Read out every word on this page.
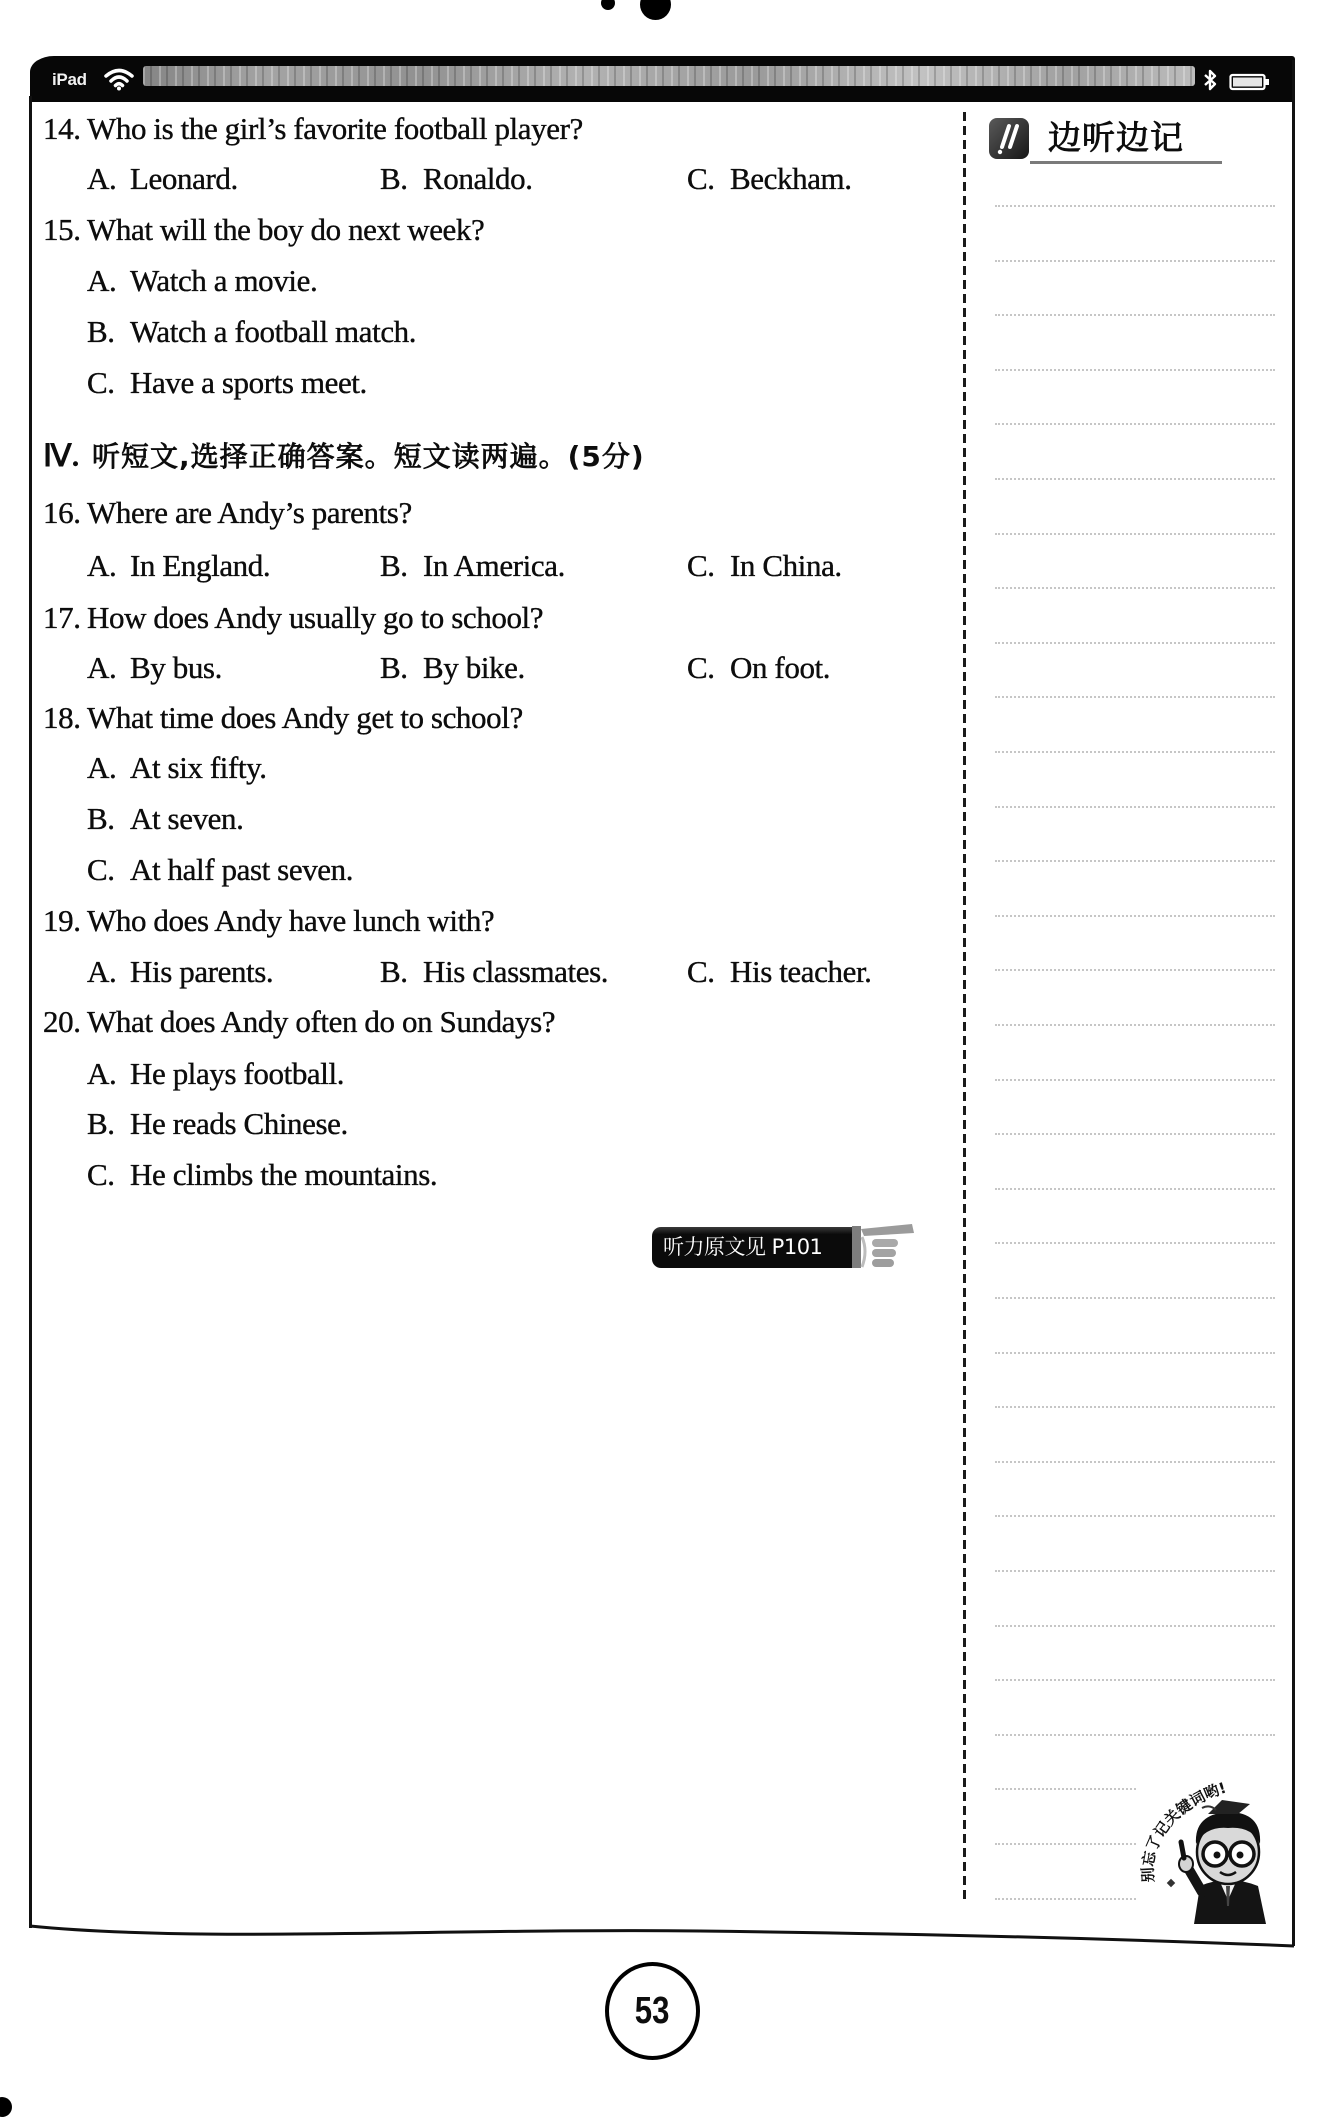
iPad
14. Who is the girl’s favorite football player?
A. Leonard.	B. Ronaldo.	C. Beckham.
15. What will the boy do next week?
A. Watch a movie.
B. Watch a football match.
C. Have a sports meet.
Ⅳ. 听短文,选择正确答案。短文读两遍。(5分)
16. Where are Andy’s parents?
A. In England.	B. In America.	C. In China.
17. How does Andy usually go to school?
A. By bus.	B. By bike.	C. On foot.
18. What time does Andy get to school?
A. At six fifty.
B. At seven.
C. At half past seven.
19. Who does Andy have lunch with?
A. His parents.	B. His classmates.	C. His teacher.
20. What does Andy often do on Sundays?
A. He plays football.
B. He reads Chinese.
C. He climbs the mountains.
听力原文见 P101
边听边记
别忘了记关键词哟!
53
